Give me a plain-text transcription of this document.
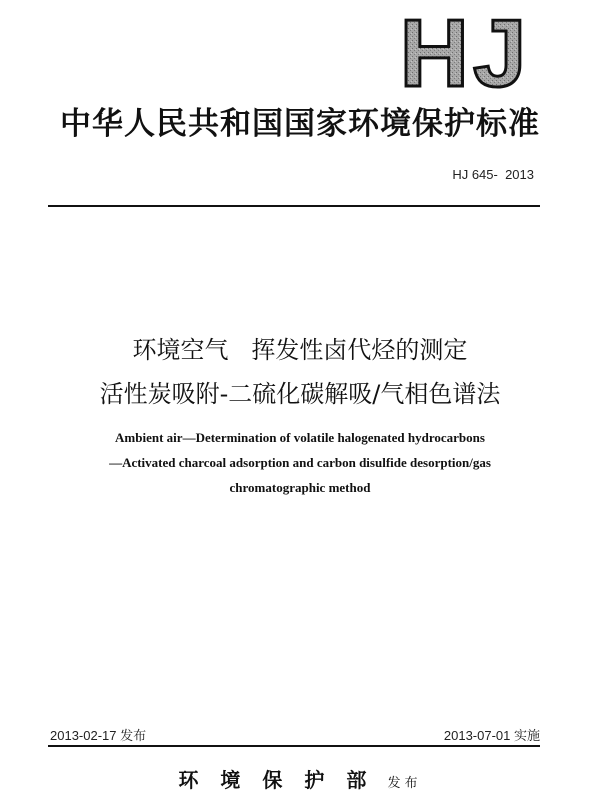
HJ
中华人民共和国国家环境保护标准
HJ 645-  2013
环境空气   挥发性卤代烃的测定
活性炭吸附-二硫化碳解吸/气相色谱法
Ambient air—Determination of volatile halogenated hydrocarbons
—Activated charcoal adsorption and carbon disulfide desorption/gas
chromatographic method
2013-02-17 发布	2013-07-01 实施
环境保护部 发布
